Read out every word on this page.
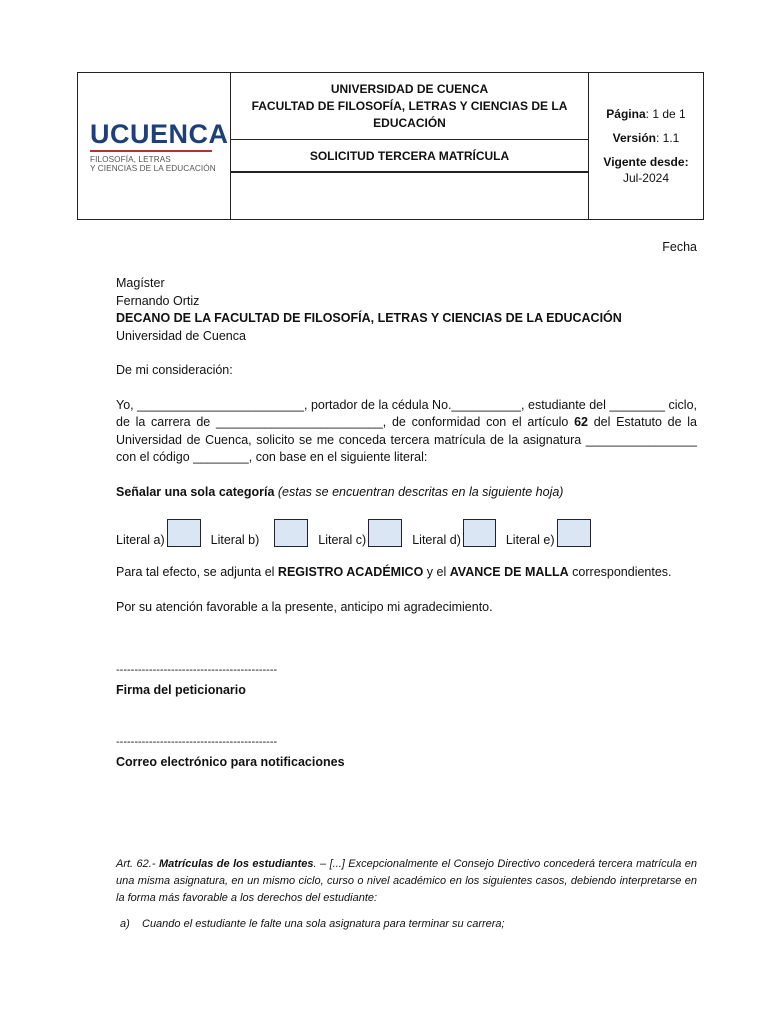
UCUENCA
FILOSOFÍA, LETRAS
Y CIENCIAS DE LA EDUCACIÓN
UNIVERSIDAD DE CUENCA
FACULTAD DE FILOSOFÍA, LETRAS Y CIENCIAS DE LA EDUCACIÓN
SOLICITUD TERCERA MATRÍCULA
Página: 1 de 1
Versión: 1.1
Vigente desde:
Jul-2024
Fecha

Magíster

Fernando Ortiz

DECANO DE LA FACULTAD DE FILOSOFÍA, LETRAS Y CIENCIAS DE LA EDUCACIÓN

Universidad de Cuenca

De mi consideración:

Yo, ________________________, portador de la cédula No.__________, estudiante del ________ ciclo, de la carrera de ________________________, de conformidad con el artículo 62 del Estatuto de la Universidad de Cuenca, solicito se me conceda tercera matrícula de la asignatura ________________ con el código ________, con base en el siguiente literal:

Señalar una sola categoría (estas se encuentran descritas en la siguiente hoja)

Literal a)	Literal b)	Literal c)	Literal d)	Literal e)

Para tal efecto, se adjunta el REGISTRO ACADÉMICO y el AVANCE DE MALLA correspondientes.

Por su atención favorable a la presente, anticipo mi agradecimiento.

--------------------------------------------

Firma del peticionario

--------------------------------------------

Correo electrónico para notificaciones

Art. 62.- Matrículas de los estudiantes. – [...] Excepcionalmente el Consejo Directivo concederá tercera matrícula en una misma asignatura, en un mismo ciclo, curso o nivel académico en los siguientes casos, debiendo interpretarse en la forma más favorable a los derechos del estudiante:

a)	Cuando el estudiante le falte una sola asignatura para terminar su carrera;
